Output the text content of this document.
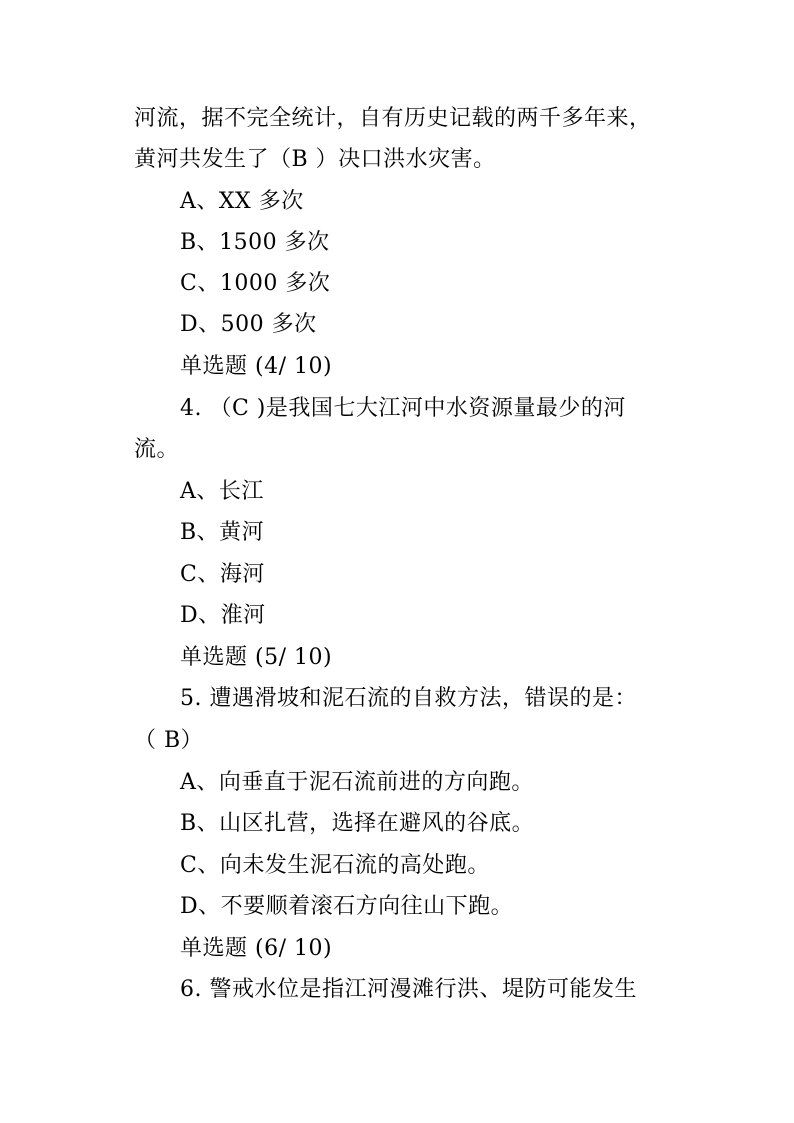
河流，据不完全统计，自有历史记载的两千多年来，
黄河共发生了（B ）决口洪水灾害。
A、XX 多次
B、1500 多次
C、1000 多次
D、500 多次
单选题 (4/ 10)
4. （C )是我国七大江河中水资源量最少的河
流。
A、长江
B、黄河
C、海河
D、淮河
单选题 (5/ 10)
5. 遭遇滑坡和泥石流的自救方法，错误的是：
（ B）
A、向垂直于泥石流前进的方向跑。
B、山区扎营，选择在避风的谷底。
C、向未发生泥石流的高处跑。
D、不要顺着滚石方向往山下跑。
单选题 (6/ 10)
6. 警戒水位是指江河漫滩行洪、堤防可能发生
